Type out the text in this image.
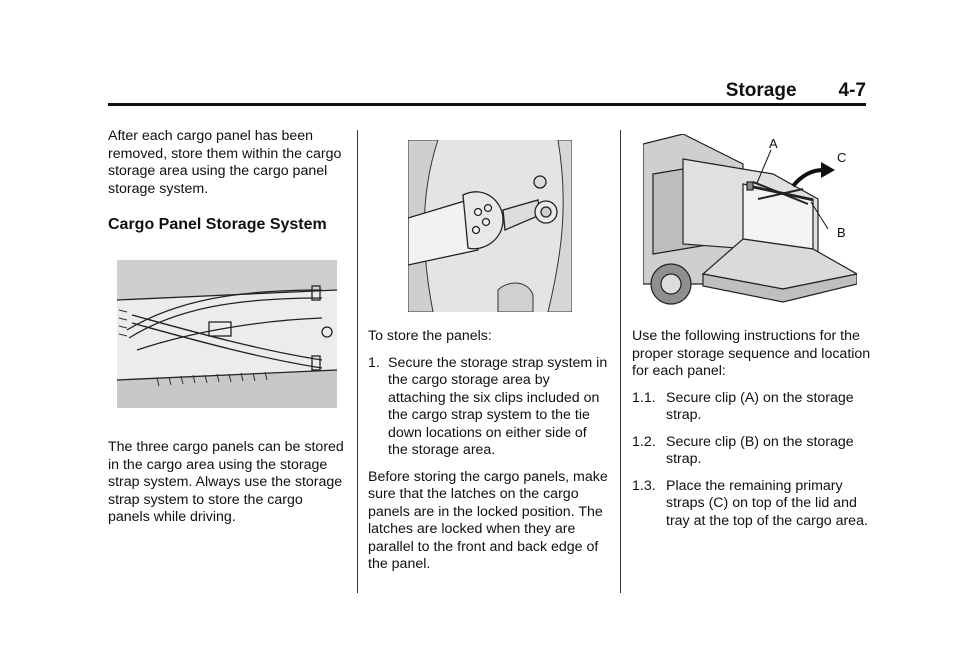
Storage 4-7

After each cargo panel has been removed, store them within the cargo storage area using the cargo panel storage system.

Cargo Panel Storage System

The three cargo panels can be stored in the cargo area using the storage strap system. Always use the storage strap system to store the cargo panels while driving.

To store the panels:

1. Secure the storage strap system in the cargo storage area by attaching the six clips included on the cargo strap system to the tie down locations on either side of the storage area.

Before storing the cargo panels, make sure that the latches on the cargo panels are in the locked position. The latches are locked when they are parallel to the front and back edge of the panel.

A
C
B

Use the following instructions for the proper storage sequence and location for each panel:

1.1. Secure clip (A) on the storage strap.
1.2. Secure clip (B) on the storage strap.
1.3. Place the remaining primary straps (C) on top of the lid and tray at the top of the cargo area.
